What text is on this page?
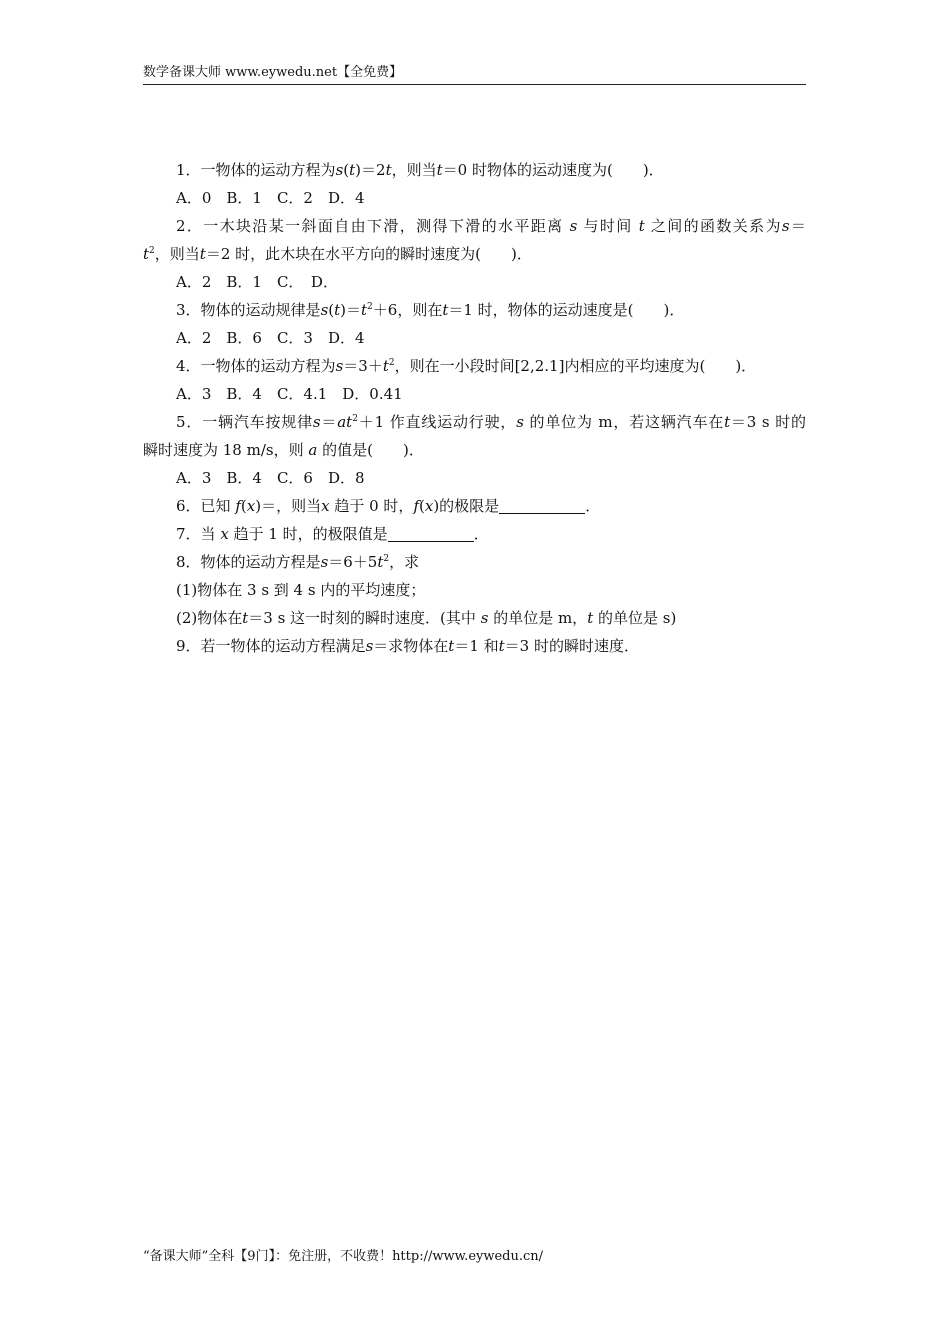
数学备课大师 www.eywedu.net【全免费】
1．一物体的运动方程为s(t)＝2t，则当t＝0 时物体的运动速度为( )．
A．0　B．1　C．2　D．4
2．一木块沿某一斜面自由下滑，测得下滑的水平距离 s 与时间 t 之间的函数关系为s＝
$t^2$，则当t＝2 时，此木块在水平方向的瞬时速度为( )．
A．2　B．1　C．　D．
3．物体的运动规律是$s(t)=t^2+6$，则在t＝1 时，物体的运动速度是( )．
A．2　B．6　C．3　D．4
4．一物体的运动方程为$s=3+t^2$，则在一小段时间[2,2.1]内相应的平均速度为( )．
A．3　B．4　C．4.1　D．0.41
5．一辆汽车按规律$s=at^2+1$ 作直线运动行驶，s 的单位为 m，若这辆汽车在t＝3 s 时的
瞬时速度为 18 m/s，则 a 的值是( )．
A．3　B．4　C．6　D．8
6．已知 f(x)＝，则当x 趋于 0 时，f(x)的极限是	．
7．当 x 趋于 1 时，的极限值是	．
8．物体的运动方程是$s=6+5t^2$，求
(1)物体在 3 s 到 4 s 内的平均速度；
(2)物体在t＝3 s 这一时刻的瞬时速度．(其中 s 的单位是 m，t 的单位是 s)
9．若一物体的运动方程满足s＝求物体在t＝1 和t＝3 时的瞬时速度．
“备课大师”全科【9门】：免注册，不收费！http://www.eywedu.cn/
